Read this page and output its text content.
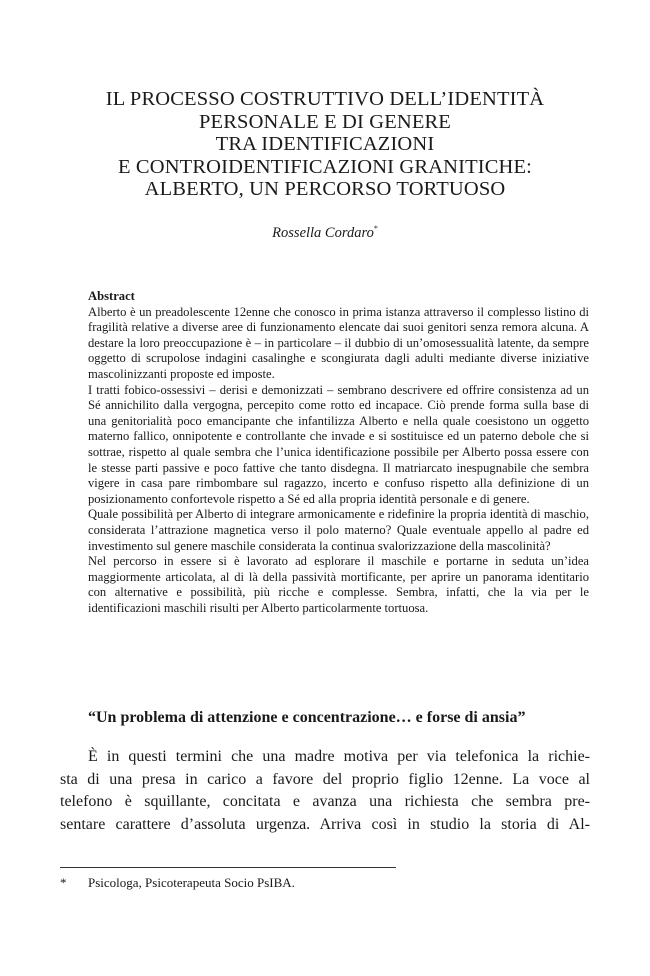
IL PROCESSO COSTRUTTIVO DELL’IDENTITÀ
PERSONALE E DI GENERE
TRA IDENTIFICAZIONI
E CONTROIDENTIFICAZIONI GRANITICHE:
ALBERTO, UN PERCORSO TORTUOSO
Rossella Cordaro*
Abstract

Alberto è un preadolescente 12enne che conosco in prima istanza attraverso il complesso listino di fragilità relative a diverse aree di funzionamento elencate dai suoi genitori senza remora alcuna. A destare la loro preoccupazione è – in particolare – il dubbio di un’omosessualità latente, da sempre oggetto di scrupolose indagini casalinghe e scongiurata dagli adulti mediante diverse iniziative mascolinizzanti proposte ed imposte.

I tratti fobico-ossessivi – derisi e demonizzati – sembrano descrivere ed offrire consistenza ad un Sé annichilito dalla vergogna, percepito come rotto ed incapace. Ciò prende forma sulla base di una genitorialità poco emancipante che infantilizza Alberto e nella quale coesistono un oggetto materno fallico, onnipotente e controllante che invade e si sostituisce ed un paterno debole che si sottrae, rispetto al quale sembra che l’unica identificazione possibile per Alberto possa essere con le stesse parti passive e poco fattive che tanto disdegna. Il matriarcato inespugnabile che sembra vigere in casa pare rimbombare sul ragazzo, incerto e confuso rispetto alla definizione di un posizionamento confortevole rispetto a Sé ed alla propria identità personale e di genere.

Quale possibilità per Alberto di integrare armonicamente e ridefinire la propria identità di maschio, considerata l’attrazione magnetica verso il polo materno? Quale eventuale appello al padre ed investimento sul genere maschile considerata la continua svalorizzazione della mascolinità?

Nel percorso in essere si è lavorato ad esplorare il maschile e portarne in seduta un’idea maggiormente articolata, al di là della passività mortificante, per aprire un panorama identitario con alternative e possibilità, più ricche e complesse. Sembra, infatti, che la via per le identificazioni maschili risulti per Alberto particolarmente tortuosa.

“Un problema di attenzione e concentrazione… e forse di ansia”
È in questi termini che una madre motiva per via telefonica la richie-
sta di una presa in carico a favore del proprio figlio 12enne. La voce al
telefono è squillante, concitata e avanza una richiesta che sembra pre-
sentare carattere d’assoluta urgenza. Arriva così in studio la storia di Al-
* Psicologa, Psicoterapeuta Socio PsIBA.
